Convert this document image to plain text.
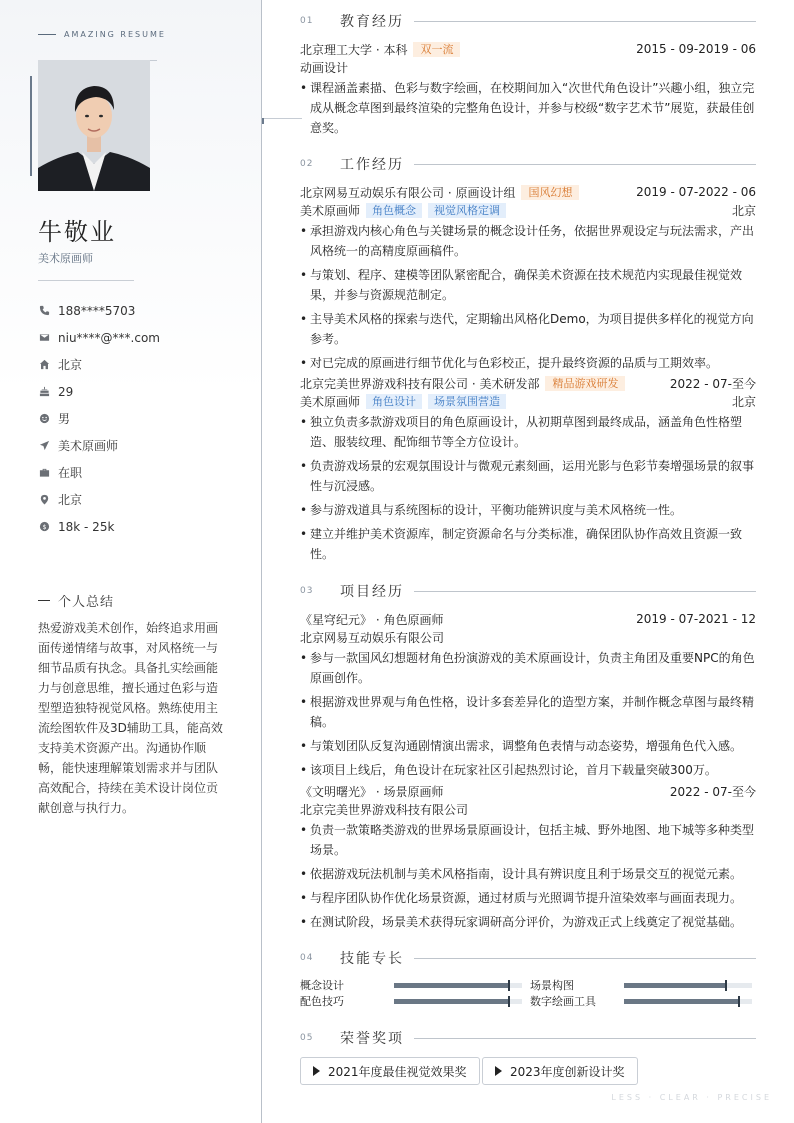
AMAZING RESUME
牛敬业
美术原画师
188****5703
niu****@***.com
北京
29
男
美术原画师
在职
北京
$ 18k - 25k
个人总结
热爱游戏美术创作，始终追求用画面传递情绪与故事，对风格统一与细节品质有执念。具备扎实绘画能力与创意思维，擅长通过色彩与造型塑造独特视觉风格。熟练使用主流绘图软件及3D辅助工具，能高效支持美术资源产出。沟通协作顺畅，能快速理解策划需求并与团队高效配合，持续在美术设计岗位贡献创意与执行力。
01	教育经历
北京理工大学 · 本科	双一流	2015 - 09-2019 - 06
动画设计
• 课程涵盖素描、色彩与数字绘画，在校期间加入“次世代角色设计”兴趣小组，独立完成从概念草图到最终渲染的完整角色设计，并参与校级“数字艺术节”展览，获最佳创意奖。
02	工作经历
北京网易互动娱乐有限公司 · 原画设计组	国风幻想	2019 - 07-2022 - 06
美术原画师	角色概念	视觉风格定调	北京
• 承担游戏内核心角色与关键场景的概念设计任务，依据世界观设定与玩法需求，产出风格统一的高精度原画稿件。
• 与策划、程序、建模等团队紧密配合，确保美术资源在技术规范内实现最佳视觉效果，并参与资源规范制定。
• 主导美术风格的探索与迭代，定期输出风格化Demo，为项目提供多样化的视觉方向参考。
• 对已完成的原画进行细节优化与色彩校正，提升最终资源的品质与工期效率。
北京完美世界游戏科技有限公司 · 美术研发部	精品游戏研发	2022 - 07-至今
美术原画师	角色设计	场景氛围营造	北京
• 独立负责多款游戏项目的角色原画设计，从初期草图到最终成品，涵盖角色性格塑造、服装纹理、配饰细节等全方位设计。
• 负责游戏场景的宏观氛围设计与微观元素刻画，运用光影与色彩节奏增强场景的叙事性与沉浸感。
• 参与游戏道具与系统图标的设计，平衡功能辨识度与美术风格统一性。
• 建立并维护美术资源库，制定资源命名与分类标准，确保团队协作高效且资源一致性。
03	项目经历
《星穹纪元》 · 角色原画师	2019 - 07-2021 - 12
北京网易互动娱乐有限公司
• 参与一款国风幻想题材角色扮演游戏的美术原画设计，负责主角团及重要NPC的角色原画创作。
• 根据游戏世界观与角色性格，设计多套差异化的造型方案，并制作概念草图与最终精稿。
• 与策划团队反复沟通剧情演出需求，调整角色表情与动态姿势，增强角色代入感。
• 该项目上线后，角色设计在玩家社区引起热烈讨论，首月下载量突破300万。
《文明曙光》 · 场景原画师	2022 - 07-至今
北京完美世界游戏科技有限公司
• 负责一款策略类游戏的世界场景原画设计，包括主城、野外地图、地下城等多种类型场景。
• 依据游戏玩法机制与美术风格指南，设计具有辨识度且利于场景交互的视觉元素。
• 与程序团队协作优化场景资源，通过材质与光照调节提升渲染效率与画面表现力。
• 在测试阶段，场景美术获得玩家调研高分评价，为游戏正式上线奠定了视觉基础。
04	技能专长
概念设计	场景构图
配色技巧	数字绘画工具
05	荣誉奖项
2021年度最佳视觉效果奖	2023年度创新设计奖
LESS · CLEAR · PRECISE
